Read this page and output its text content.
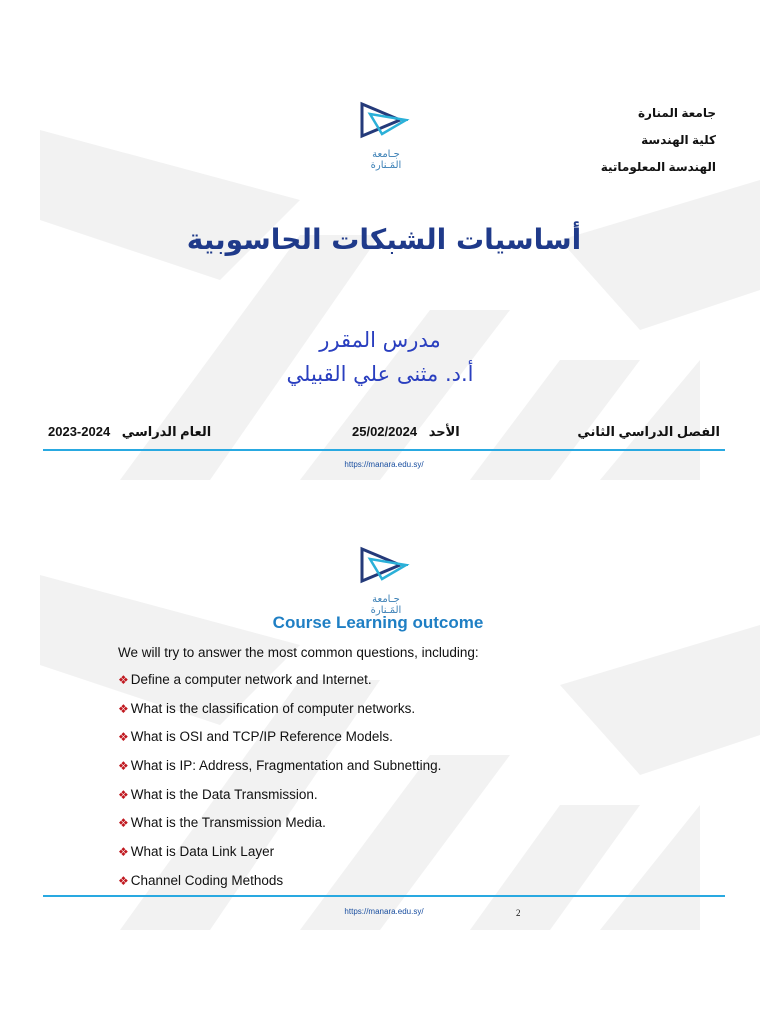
جـامعة المَـنارة
جامعة المنارة
كلية الهندسة
الهندسة المعلوماتية
أساسيات الشبكات الحاسوبية
مدرس المقرر
أ.د. مثنى علي القبيلي
الفصل الدراسي الثاني
25/02/2024 الأحد
2023-2024 العام الدراسي
https://manara.edu.sy/
جـامعة المَـنارة
Course Learning outcome
We will try to answer the most common questions, including:
❖ Define a computer network and Internet.
❖ What is the classification of computer networks.
❖ What is OSI and TCP/IP Reference Models.
❖ What is IP: Address, Fragmentation and Subnetting.
❖ What is the Data Transmission.
❖ What is the Transmission Media.
❖ What is Data Link Layer
❖ Channel Coding Methods
https://manara.edu.sy/	2
